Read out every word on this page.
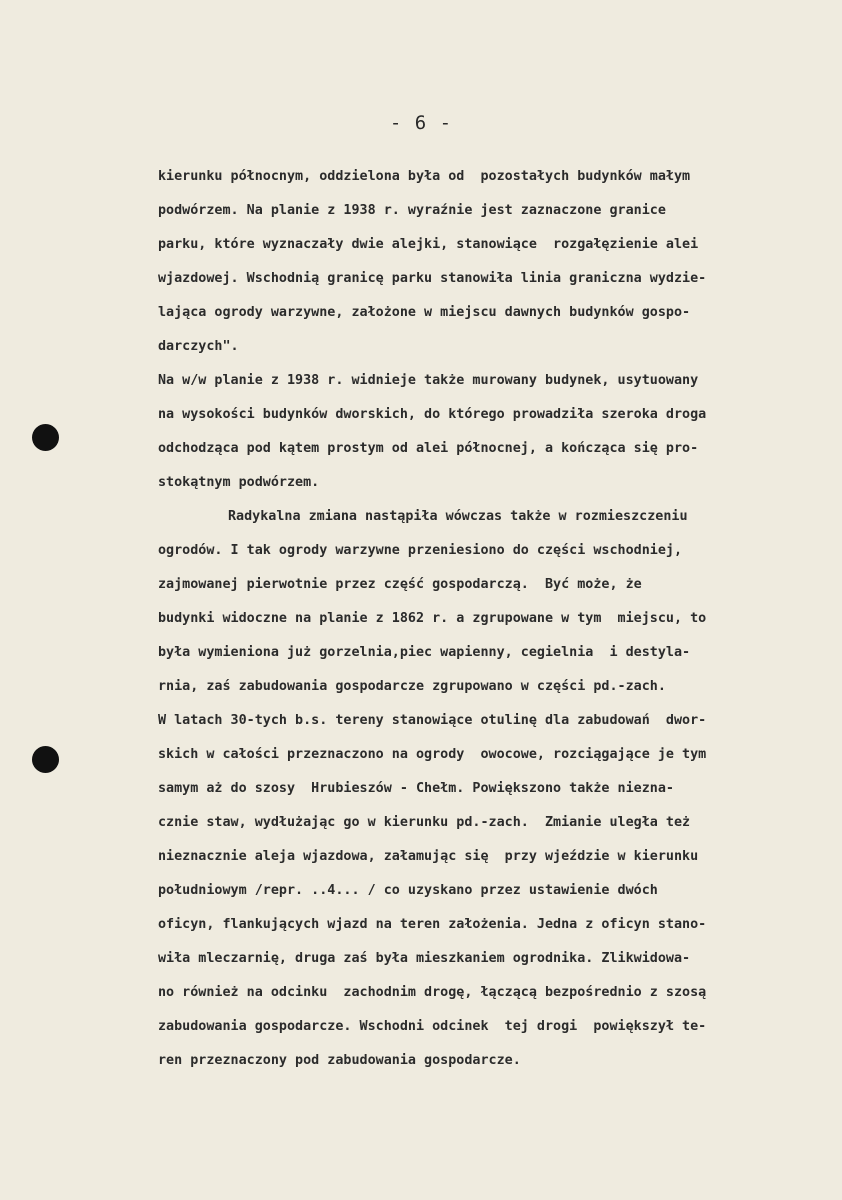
- 6 -
kierunku północnym, oddzielona była od  pozostałych budynków małym
podwórzem. Na planie z 1938 r. wyraźnie jest zaznaczone granice
parku, które wyznaczały dwie alejki, stanowiące  rozgałęzienie alei
wjazdowej. Wschodnią granicę parku stanowiła linia graniczna wydzie-
lająca ogrody warzywne, założone w miejscu dawnych budynków gospo-
darczych".
Na w/w planie z 1938 r. widnieje także murowany budynek, usytuowany
na wysokości budynków dworskich, do którego prowadziła szeroka droga
odchodząca pod kątem prostym od alei północnej, a kończąca się pro-
stokątnym podwórzem.
Radykalna zmiana nastąpiła wówczas także w rozmieszczeniu
ogrodów. I tak ogrody warzywne przeniesiono do części wschodniej,
zajmowanej pierwotnie przez część gospodarczą.  Być może, że
budynki widoczne na planie z 1862 r. a zgrupowane w tym  miejscu, to
była wymieniona już gorzelnia,piec wapienny, cegielnia  i destyla-
rnia, zaś zabudowania gospodarcze zgrupowano w części pd.-zach.
W latach 30-tych b.s. tereny stanowiące otulinę dla zabudowań  dwor-
skich w całości przeznaczono na ogrody  owocowe, rozciągające je tym
samym aż do szosy  Hrubieszów - Chełm. Powiększono także nieznа-
cznie staw, wydłużając go w kierunku pd.-zach.  Zmianie uległa też
nieznacznie aleja wjazdowa, załamując się  przy wjeździe w kierunku
południowym /repr. ..4... / co uzyskano przez ustawienie dwóch
oficyn, flankujących wjazd na teren założenia. Jedna z oficyn stano-
wiła mleczarnię, druga zaś była mieszkaniem ogrodnika. Zlikwidowa-
no również na odcinku  zachodnim drogę, łączącą bezpośrednio z szosą
zabudowania gospodarcze. Wschodni odcinek  tej drogi  powiększył te-
ren przeznaczony pod zabudowania gospodarcze.
